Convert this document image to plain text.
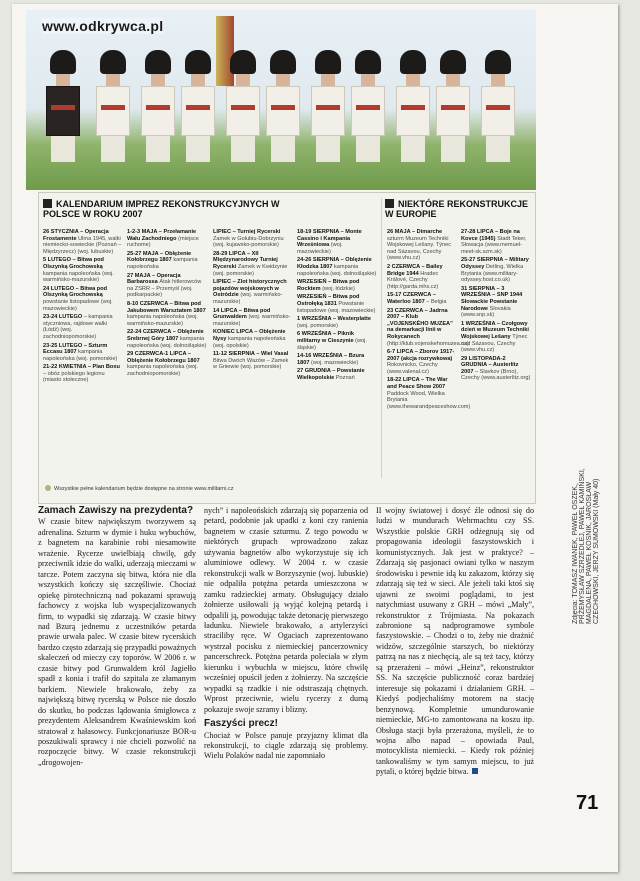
www.odkrywca.pl
KALENDARIUM IMPREZ REKONSTRUKCYJNYCH W POLSCE W ROKU 2007
NIEKTÓRE REKONSTRUKCJE W EUROPIE
26 STYCZNIA – Operacja Frostamente Ulma 1945, walki niemiecko-sowieckie (Poznań – Międzyrzecz) (woj. lubuskie)
5 LUTEGO – Bitwa pod Olszynką Grochowską kampania napoleońska (woj. warmińsko-mazurskie)
24 LUTEGO – Bitwa pod Olszynką Grochowską powstanie listopadowe (woj. mazowieckie)
23-24 LUTEGO – kampania styczniowa, rajdowe walki (Łódź) (woj. zachodniopomorskie)
23-25 LUTEGO – Szturm Eccasu 1807 kampania napoleońska (woj. pomorskie)
21-22 KWIETNIA – Plan Boxu – obóz polskiego legionu (miasto stołeczne)
1-2-3 MAJA – Przełamanie Wału Zachodniego (miejsce ruchome)
25-27 MAJA – Oblężenie Kołobrzegu 1807 kampania napoleońska
27 MAJA – Operacja Barbarossa Atak hitlerowców na ZSRR – Przemyśl (woj. podkarpackie)
8-10 CZERWCA – Bitwa pod Jakubowem Warsztatem 1807 kampania napoleońska (woj. warmińsko-mazurskie)
22-24 CZERWCA – Oblężenie Srebrnej Góry 1807 kampania napoleońska (woj. dolnośląskie)
29 CZERWCA-1 LIPCA – Oblężenie Kołobrzegu 1807 kampania napoleońska (woj. zachodniopomorskie)
LIPIEC – Turniej Rycerski Zamek w Golubiu-Dobrzyniu (woj. kujawsko-pomorskie)
28-29 LIPCA – XII Międzynarodowy Turniej Rycerski Zamek w Kwidzynie (woj. pomorskie)
LIPIEC – Zlot historycznych pojazdów wojskowych w Ostródzie (woj. warmińsko-mazurskie)
14 LIPCA – Bitwa pod Grunwaldem (woj. warmińsko-mazurskie)
KONIEC LIPCA – Oblężenie Nysy kampania napoleońska (woj. opolskie)
11-12 SIERPNIA – Wiel Vasal Bitwa Dwóch Wazów – Zamek w Gniewie (woj. pomorskie)
18-19 SIERPNIA – Monte Cassino i Kampania Wrześniowa (woj. mazowieckie)
24-26 SIERPNIA – Oblężenie Kłodzka 1807 kampania napoleońska (woj. dolnośląskie)
WRZESIEŃ – Bitwa pod Rocktem (woj. łódzkie)
WRZESIEŃ – Bitwa pod Ostrołęką 1831 Powstanie listopadowe (woj. mazowieckie)
1 WRZEŚNIA – Westerplatte (woj. pomorskie)
6 WRZEŚNIA – Piknik militarny w Cieszynie (woj. śląskie)
14-16 WRZEŚNIA – Bzura 1807 (woj. mazowieckie)
27 GRUDNIA – Powstanie Wielkopolskie Poznań
26 MAJA – Dimarche szturm Muzeum Techniki Wojskowej Lešany. Týnec nad Sázavou, Czechy (www.vhu.cz)
2 CZERWCA – Bailey Bridge 1944 Hradec Králové, Czechy (http://garda.mhs.cz)
15-17 CZERWCA – Waterloo 1807 – Belgia
23 CZERWCA – Jadrna 2007 – Klub „VOJENSKÉHO MUZEA” na demarkacji linii w Rokycanech (http://klub.vojenskehomuzea.cz)
6-7 LIPCA – Zborov 1917-2007 (akcja rozrywkowa) Rokovnicko, Czechy (www.valenal.cz)
18-22 LIPCA – The War and Peace Show 2007 Paddock Wood, Wielka Brytania (www.thewarandpeaceshow.com)
27-28 LIPCA – Boje na Kovce (1945) Stadt Teker, Słowacja (www.memuel-meet-sk.szm.sk)
25-27 SIERPNIA – Military Odyssey Detling, Wielka Brytania (www.military-odyssey.host.co.uk)
31 SIERPNIA – 3 WRZEŚNIA – SNP 1944 Słowackie Powstanie Narodowe Slovakia (www.snp.sk)
1 WRZEŚNIA – Czołgowy dzień w Muzeum Techniki Wojskowej Lešany Týnec nad Sázavou, Czechy (www.vhu.cz)
29 LISTOPADA-2 GRUDNIA – Austerlitz 2007 – Slavkov (Brno), Czechy (www.austerlitz.org)
Wszystkie pełne kalendarium będzie dostępne na stronie www.militarni.cz
Zamach Zawiszy na prezydenta?

W czasie bitew największym tworzywem są adrenalina. Szturm w dymie i huku wybuchów, z bagnetem na karabinie robi niesamowite wrażenie. Rycerze uwielbiają chwilę, gdy przeciwnik idzie do walki, uderzają mieczami w tarcze. Potem zaczyna się bitwa, która nie dla wszystkich kończy się szczęśliwie. Chociaż opiekę pirotechniczną nad pokazami sprawują fachowcy z wojska lub wyspecjalizowanych firm, to wypadki się zdarzają. W czasie bitwy nad Bzurą jednemu z uczestników petarda prawie urwała palec. W czasie bitew rycerskich bardzo często zdarzają się przypadki poważnych skaleczeń od mieczy czy toporów. W 2006 r. w czasie bitwy pod Grunwaldem król Jagiełło spadł z konia i trafił do szpitala ze złamanym barkiem. Niewiele brakowało, żeby za największą bitwę rycerską w Polsce nie doszło do skutku, bo podczas lądowania śmigłowca z prezydentem Aleksandrem Kwaśniewskim koń stratował z hałasowcy. Funkcjonariusze BOR-u poszukiwali sprawcy i nie chcieli pozwolić na rozpoczęcie bitwy. W czasie rekonstrukcji „drogowojen-

nych” i napoleońskich zdarzają się poparzenia od petard, podobnie jak upadki z koni czy ranienia bagnetem w czasie szturmu. Z tego powodu w niektórych grupach wprowadzono zakaz używania bagnetów albo wykorzystuje się ich aluminiowe odlewy. W 2004 r. w czasie rekonstrukcji walk w Borzyszynie (woj. lubuskie) nie odpaliła potężna petarda umieszczona w zamku radzieckiej armaty. Obsługujący działo żołnierze usiłowali ją wyjąć kolejną petardą i odpalili ją, powodując także detonację pierwszego ładunku. Niewiele brakowało, a artylerzyści straciliby ręce. W Ogaciach zaprezentowano wystrzał pocisku z niemieckiej pancerzownicy pancerschreck. Potężna petarda poleciała w złym kierunku i wybuchła w miejscu, które chwilę wcześniej opuścił jeden z żołnierzy. Na szczęście wypadki są rzadkie i nie odstraszają chętnych. Wprost przeciwnie, wielu rycerzy z dumą pokazuje swoje szramy i blizny.

Faszyści precz!

Chociaż w Polsce panuje przyjazny klimat dla rekonstrukcji, to ciągle zdarzają się problemy. Wielu Polaków nadal nie zapomniało

II wojny światowej i dosyć źle odnosi się do ludzi w mundurach Wehrmachtu czy SS. Wszystkie polskie GRH odżegnują się od propagowania ideologii faszystowskich i komunistycznych. Jak jest w praktyce? – Zdarzają się pasjonaci owiani tylko w naszym środowisku i pewnie idą ku zakazom, którzy się zdarzają się też w sieci. Ale jeżeli taki ktoś się ujawni ze swoimi poglądami, to jest natychmiast usuwany z GRH – mówi „Mały”, rekonstruktor z Trójmiasta. Na pokazach zabronione są nadprogramowe symbole faszystowskie. – Chodzi o to, żeby nie drażnić widzów, szczególnie starszych, bo niektórzy patrzą na nas z niechęcią, ale są też tacy, którzy są przerażeni – mówi „Heinz”, rekonstruktor SS. Na szczęście publiczność coraz bardziej interesuje się pokazami i działaniem GRH. – Kiedyś podjechaliśmy motorem na stację benzynową. Kompletnie umundurowanie niemieckie, MG-to zamontowana na koszu itp. Obsługa stacji była przerażona, myśleli, że to wojna albo napad – opowiada Paul, motocyklista niemiecki. – Kiedy rok później tankowaliśmy w tym samym miejscu, to już pytali, o której będzie bitwa.

Zdjęcia: TOMASZ IWANEK, PAWEŁ OSZEK, PRZEMYSŁAW SZRZEDLEJ, PAWEŁ KAMIŃSKI, MAGDALENA, PAWEŁ KOSNIK, JAROSŁAW CZECHOWSKI, JERZY SUMOWSKI (Mały 40)
71
